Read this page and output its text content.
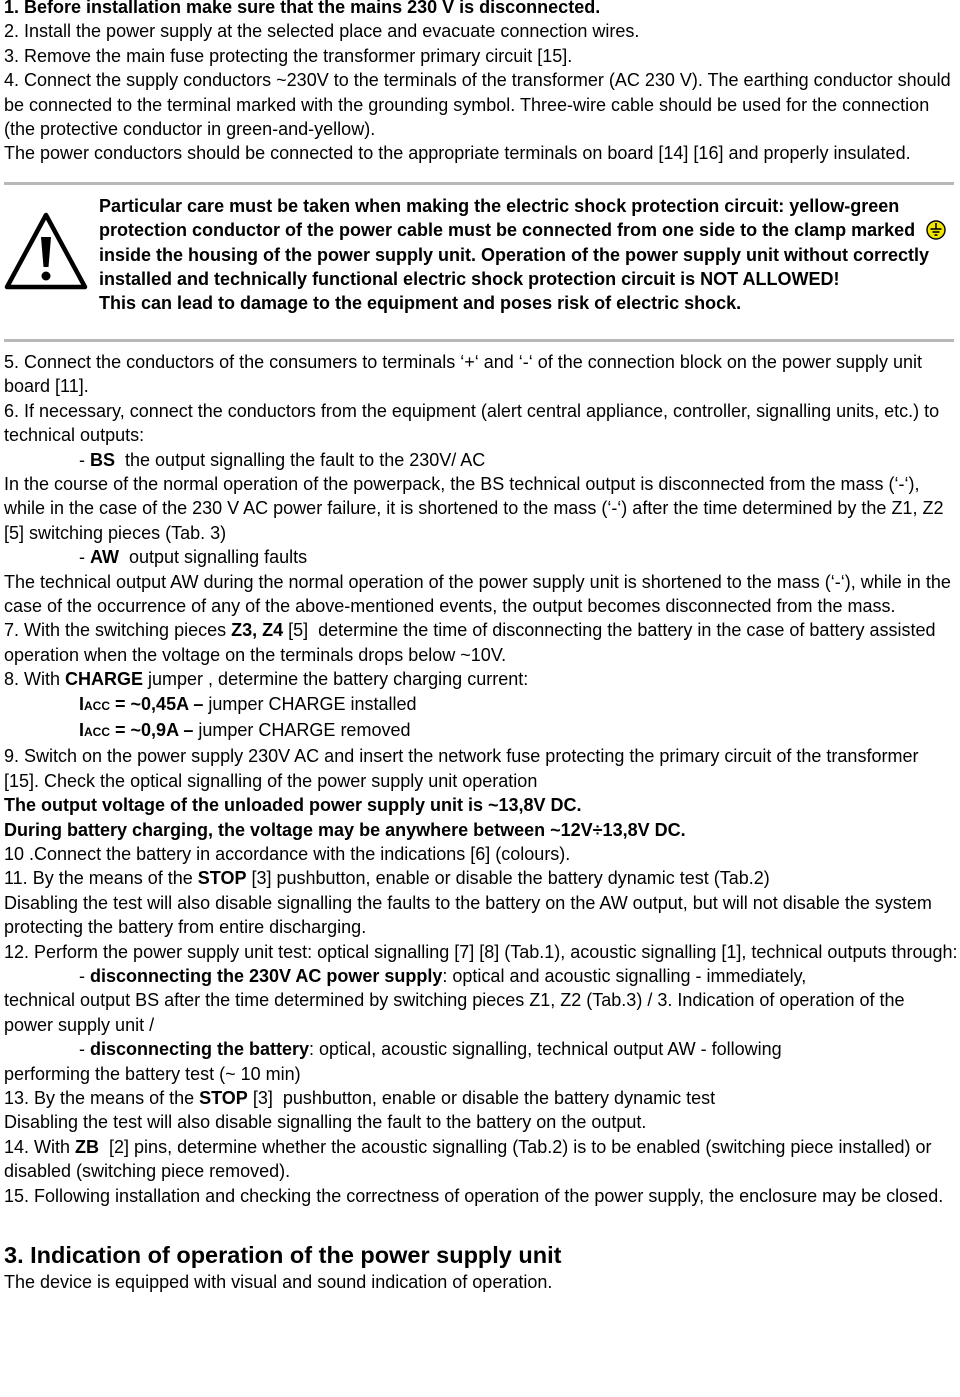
1. Before installation make sure that the mains 230 V is disconnected.

2. Install the power supply at the selected place and evacuate connection wires.

3. Remove the main fuse protecting the transformer primary circuit [15].

4. Connect the supply conductors ~230V to the terminals of the transformer (AC 230 V). The earthing conductor should be connected to the terminal marked with the grounding symbol. Three-wire cable should be used for the connection (the protective conductor in green-and-yellow).

The power conductors should be connected to the appropriate terminals on board [14] [16] and properly insulated.

Particular care must be taken when making the electric shock protection circuit: yellow-green protection conductor of the power cable must be connected from one side to the clamp marked  inside the housing of the power supply unit. Operation of the power supply unit without correctly installed and technically functional electric shock protection circuit is NOT ALLOWED!

This can lead to damage to the equipment and poses risk of electric shock.

5. Connect the conductors of the consumers to terminals ‘+‘ and ‘-‘ of the connection block on the power supply unit board [11].

6. If necessary, connect the conductors from the equipment (alert central appliance, controller, signalling units, etc.) to technical outputs:

- BS  the output signalling the fault to the 230V/ AC

In the course of the normal operation of the powerpack, the BS technical output is disconnected from the mass (‘-‘), while in the case of the 230 V AC power failure, it is shortened to the mass (‘-‘) after the time determined by the Z1, Z2 [5] switching pieces (Tab. 3)

- AW  output signalling faults

The technical output AW during the normal operation of the power supply unit is shortened to the mass (‘-‘), while in the case of the occurrence of any of the above-mentioned events, the output becomes disconnected from the mass.

7. With the switching pieces Z3, Z4 [5]  determine the time of disconnecting the battery in the case of battery assisted operation when the voltage on the terminals drops below ~10V.

8. With CHARGE jumper , determine the battery charging current:

IACC = ~0,45A – jumper CHARGE installed

IACC = ~0,9A – jumper CHARGE removed

9. Switch on the power supply 230V AC and insert the network fuse protecting the primary circuit of the transformer [15]. Check the optical signalling of the power supply unit operation

The output voltage of the unloaded power supply unit is ~13,8V DC.

During battery charging, the voltage may be anywhere between ~12V÷13,8V DC.

10 .Connect the battery in accordance with the indications [6] (colours).

11. By the means of the STOP [3] pushbutton, enable or disable the battery dynamic test (Tab.2)

Disabling the test will also disable signalling the faults to the battery on the AW output, but will not disable the system protecting the battery from entire discharging.

12. Perform the power supply unit test: optical signalling [7] [8] (Tab.1), acoustic signalling [1], technical outputs through:

- disconnecting the 230V AC power supply: optical and acoustic signalling - immediately,

technical output BS after the time determined by switching pieces Z1, Z2 (Tab.3) / 3. Indication of operation of the power supply unit /

- disconnecting the battery: optical, acoustic signalling, technical output AW - following

performing the battery test (~ 10 min)

13. By the means of the STOP [3]  pushbutton, enable or disable the battery dynamic test

Disabling the test will also disable signalling the fault to the battery on the output.

14. With ZB  [2] pins, determine whether the acoustic signalling (Tab.2) is to be enabled (switching piece installed) or disabled (switching piece removed).

15. Following installation and checking the correctness of operation of the power supply, the enclosure may be closed.

3. Indication of operation of the power supply unit

The device is equipped with visual and sound indication of operation.
